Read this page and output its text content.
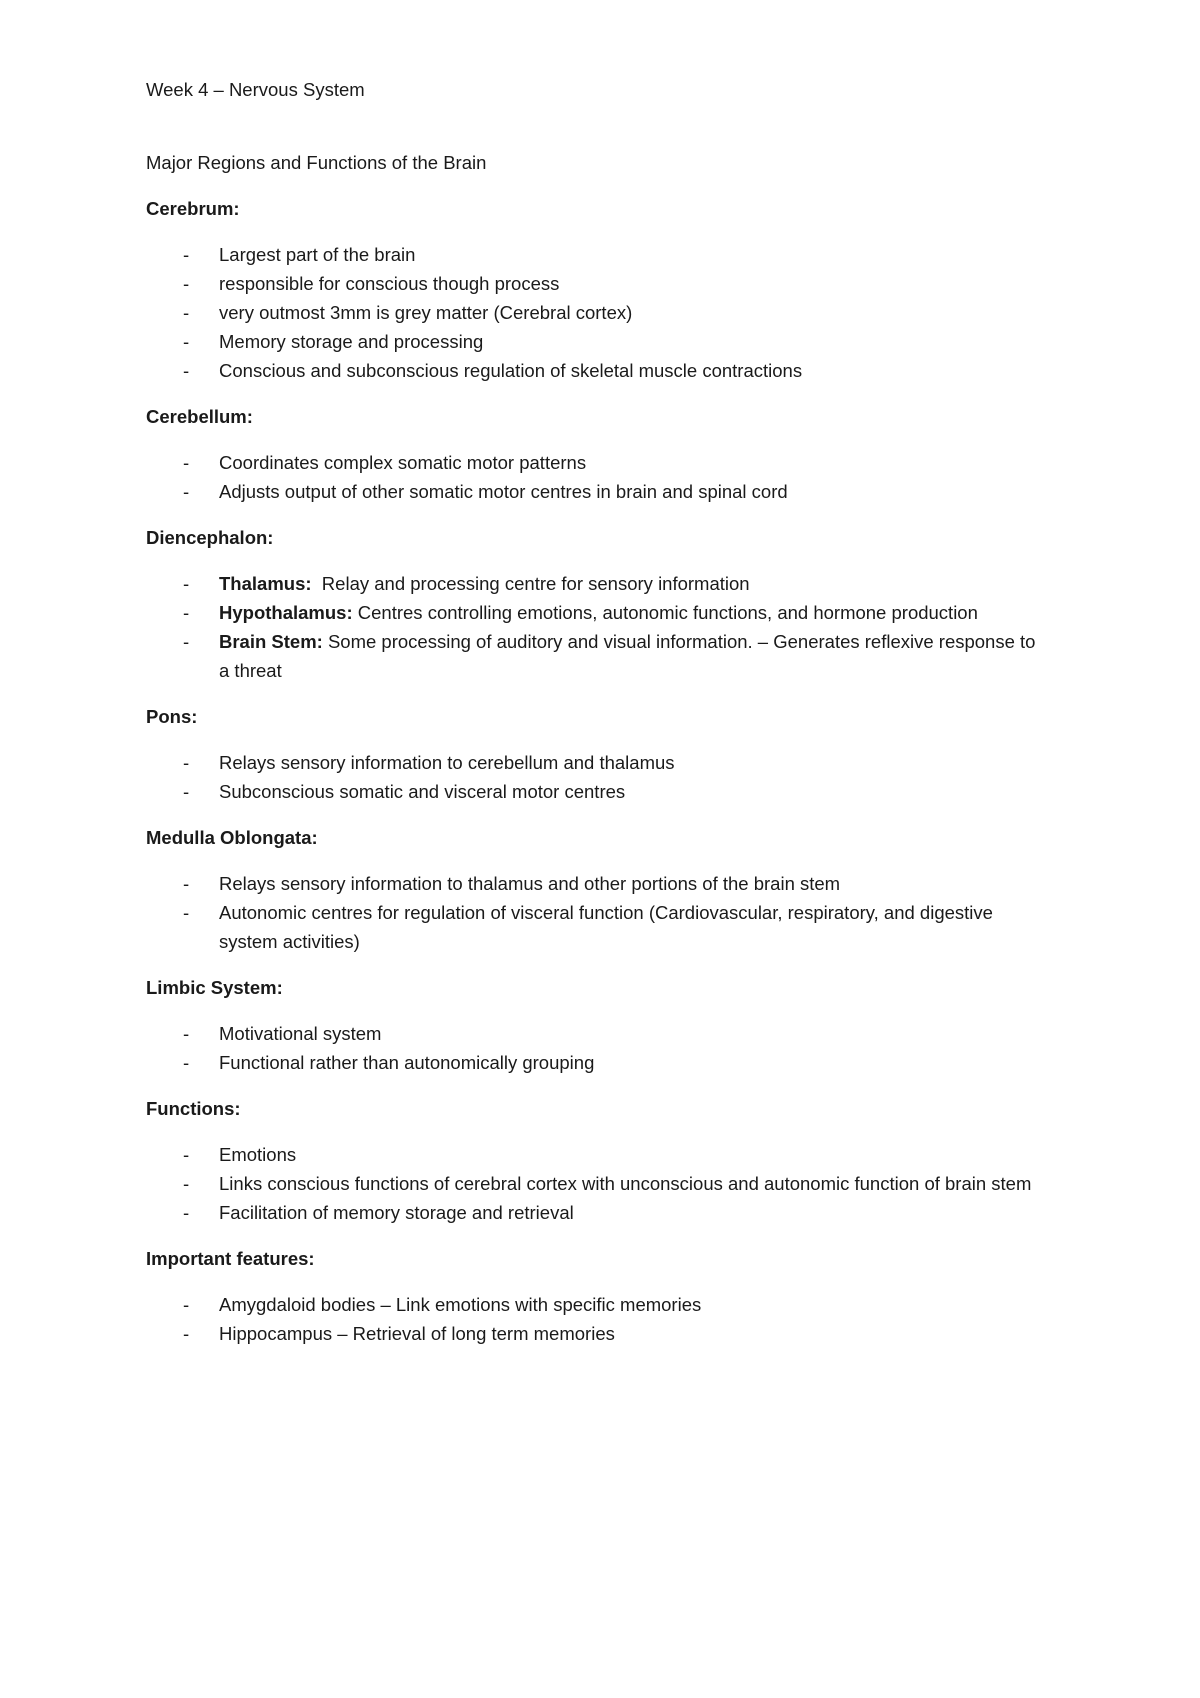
Week 4 – Nervous System

Major Regions and Functions of the Brain

Cerebrum:

- Largest part of the brain
- responsible for conscious though process
- very outmost 3mm is grey matter (Cerebral cortex)
- Memory storage and processing
- Conscious and subconscious regulation of skeletal muscle contractions

Cerebellum:

- Coordinates complex somatic motor patterns
- Adjusts output of other somatic motor centres in brain and spinal cord

Diencephalon:

- Thalamus:  Relay and processing centre for sensory information
- Hypothalamus: Centres controlling emotions, autonomic functions, and hormone production
- Brain Stem: Some processing of auditory and visual information. – Generates reflexive response to a threat

Pons:

- Relays sensory information to cerebellum and thalamus
- Subconscious somatic and visceral motor centres

Medulla Oblongata:

- Relays sensory information to thalamus and other portions of the brain stem
- Autonomic centres for regulation of visceral function (Cardiovascular, respiratory, and digestive system activities)

Limbic System:

- Motivational system
- Functional rather than autonomically grouping

Functions:

- Emotions
- Links conscious functions of cerebral cortex with unconscious and autonomic function of brain stem
- Facilitation of memory storage and retrieval

Important features:

- Amygdaloid bodies – Link emotions with specific memories
- Hippocampus – Retrieval of long term memories
